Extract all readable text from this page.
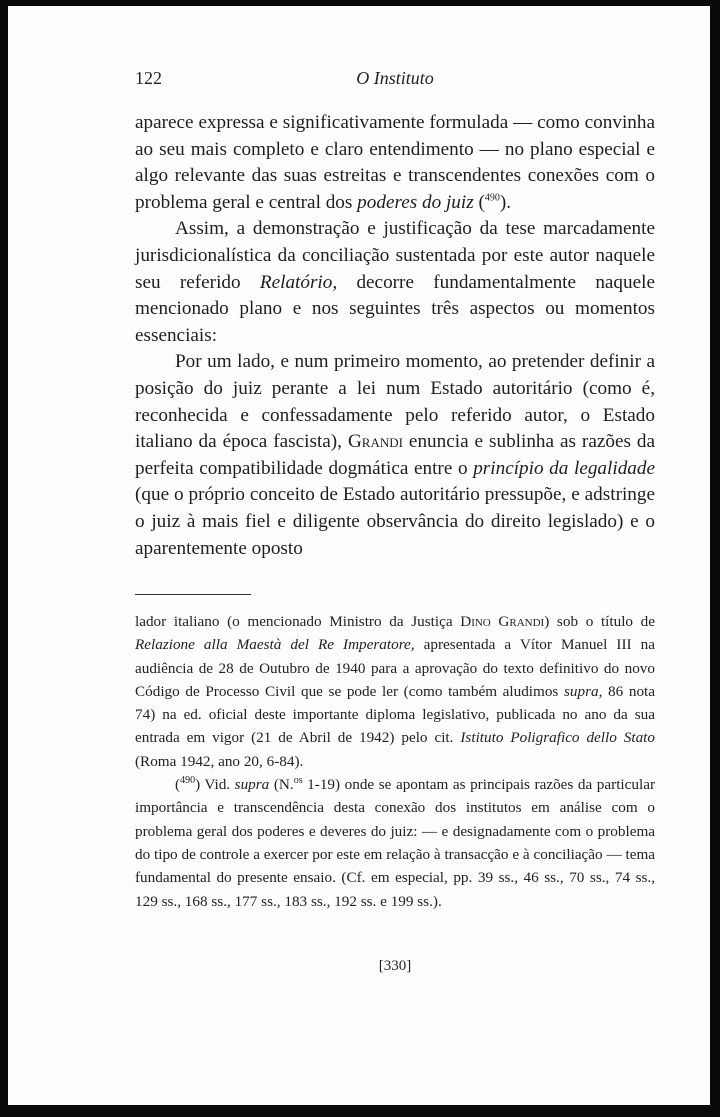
122	O Instituto

aparece expressa e significativamente formulada — como convinha ao seu mais completo e claro entendimento — no plano especial e algo relevante das suas estreitas e transcendentes conexões com o problema geral e central dos poderes do juiz ($^{490}$).

Assim, a demonstração e justificação da tese marcadamente jurisdicionalística da conciliação sustentada por este autor naquele seu referido Relatório, decorre fundamentalmente naquele mencionado plano e nos seguintes três aspectos ou momentos essenciais:

Por um lado, e num primeiro momento, ao pretender definir a posição do juiz perante a lei num Estado autoritário (como é, reconhecida e confessadamente pelo referido autor, o Estado italiano da época fascista), Grandi enuncia e sublinha as razões da perfeita compatibilidade dogmática entre o princípio da legalidade (que o próprio conceito de Estado autoritário pressupõe, e adstringe o juiz à mais fiel e diligente observância do direito legislado) e o aparentemente oposto

lador italiano (o mencionado Ministro da Justiça Dino Grandi) sob o título de Relazione alla Maestà del Re Imperatore, apresentada a Vítor Manuel III na audiência de 28 de Outubro de 1940 para a aprovação do texto definitivo do novo Código de Processo Civil que se pode ler (como também aludimos supra, 86 nota 74) na ed. oficial deste importante diploma legislativo, publicada no ano da sua entrada em vigor (21 de Abril de 1942) pelo cit. Istituto Poligrafico dello Stato (Roma 1942, ano 20, 6-84).

($^{490}$) Vid. supra (N.$^{os}$ 1-19) onde se apontam as principais razões da particular importância e transcendência desta conexão dos institutos em análise com o problema geral dos poderes e deveres do juiz: — e designadamente com o problema do tipo de controle a exercer por este em relação à transacção e à conciliação — tema fundamental do presente ensaio. (Cf. em especial, pp. 39 ss., 46 ss., 70 ss., 74 ss., 129 ss., 168 ss., 177 ss., 183 ss., 192 ss. e 199 ss.).

[330]
